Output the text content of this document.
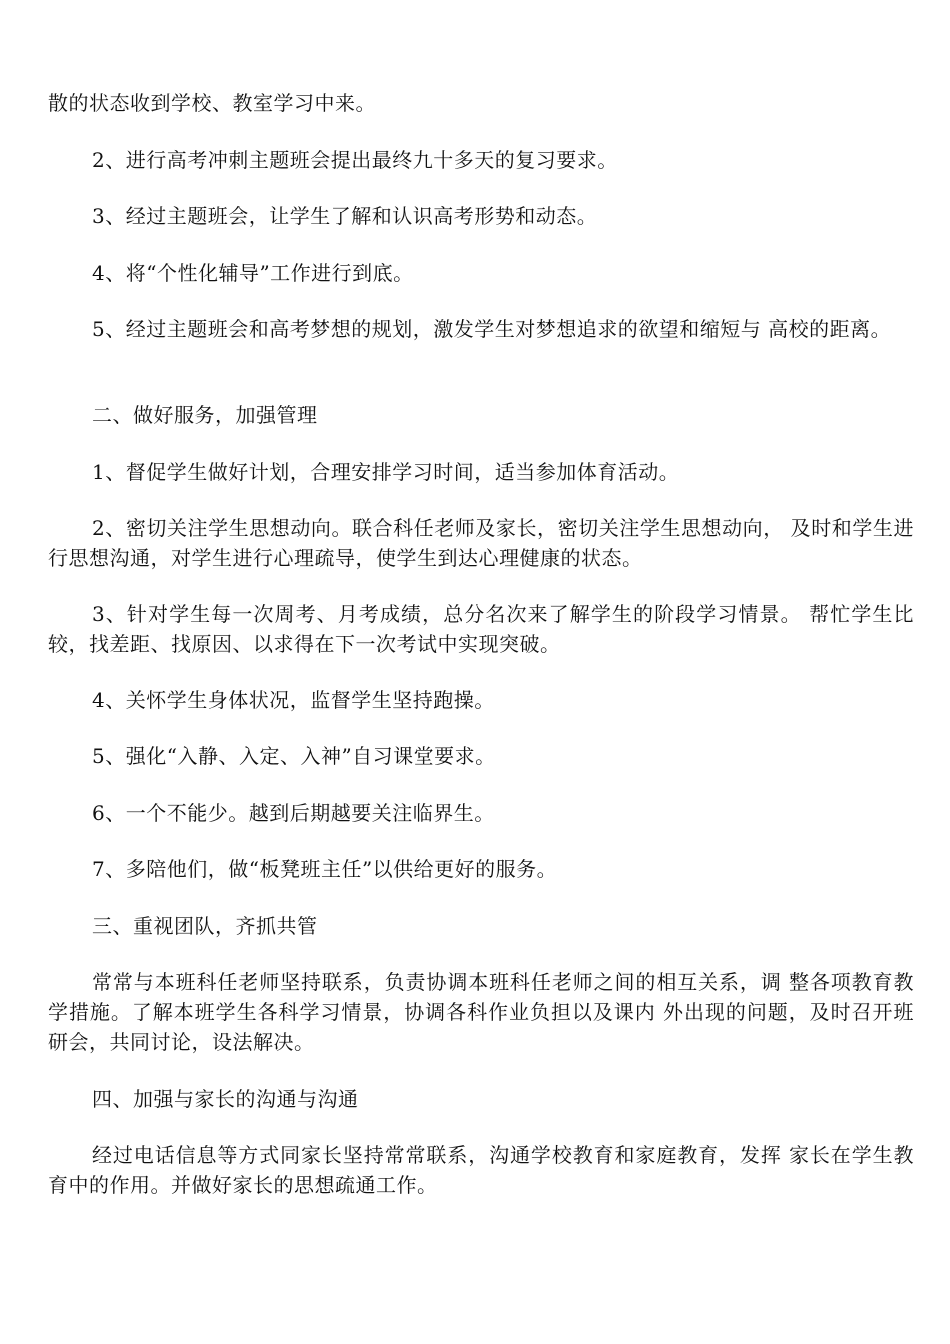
散的状态收到学校、教室学习中来。
2、进行高考冲刺主题班会提出最终九十多天的复习要求。
3、经过主题班会，让学生了解和认识高考形势和动态。
4、将“个性化辅导”工作进行到底。
5、经过主题班会和高考梦想的规划，激发学生对梦想追求的欲望和缩短与 高校的距离。
二、做好服务，加强管理
1、督促学生做好计划，合理安排学习时间，适当参加体育活动。
2、密切关注学生思想动向。联合科任老师及家长，密切关注学生思想动向， 及时和学生进行思想沟通，对学生进行心理疏导，使学生到达心理健康的状态。
3、针对学生每一次周考、月考成绩，总分名次来了解学生的阶段学习情景。 帮忙学生比较，找差距、找原因、以求得在下一次考试中实现突破。
4、关怀学生身体状况，监督学生坚持跑操。
5、强化“入静、入定、入神”自习课堂要求。
6、一个不能少。越到后期越要关注临界生。
7、多陪他们，做“板凳班主任”以供给更好的服务。
三、重视团队，齐抓共管
常常与本班科任老师坚持联系，负责协调本班科任老师之间的相互关系，调 整各项教育教学措施。了解本班学生各科学习情景，协调各科作业负担以及课内 外出现的问题，及时召开班研会，共同讨论，设法解决。
四、加强与家长的沟通与沟通
经过电话信息等方式同家长坚持常常联系，沟通学校教育和家庭教育，发挥 家长在学生教育中的作用。并做好家长的思想疏通工作。
